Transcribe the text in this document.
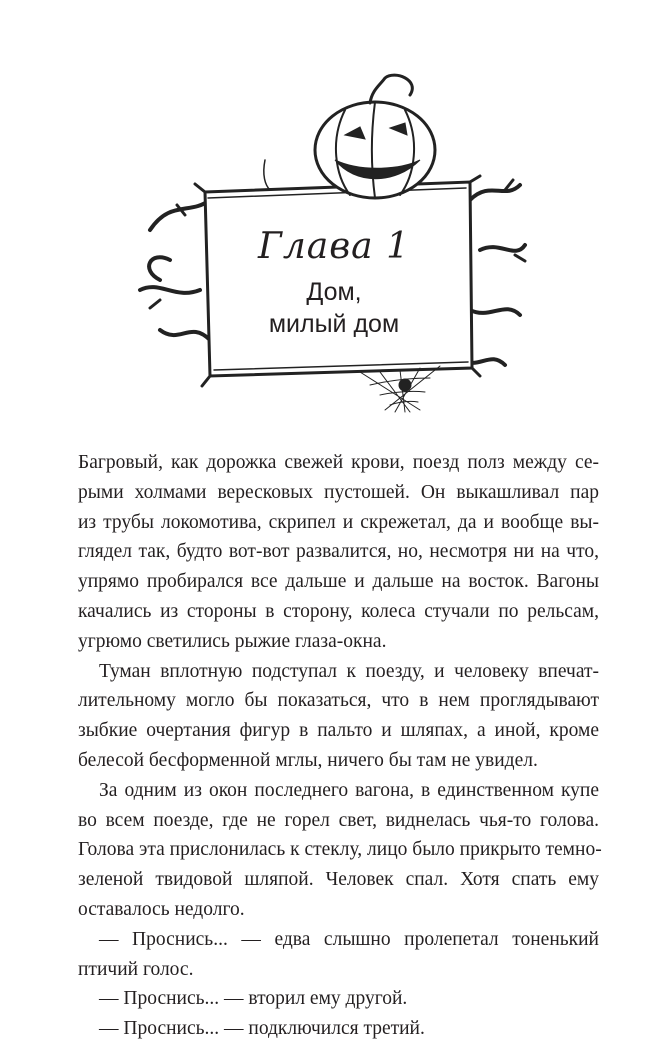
Глава 1
Дом,
милый дом
Багровый, как дорожка свежей крови, поезд полз между се-
рыми холмами вересковых пустошей. Он выкашливал пар
из трубы локомотива, скрипел и скрежетал, да и вообще вы-
глядел так, будто вот-вот развалится, но, несмотря ни на что,
упрямо пробирался все дальше и дальше на восток. Вагоны
качались из стороны в сторону, колеса стучали по рельсам,
угрюмо светились рыжие глаза-окна.
Туман вплотную подступал к поезду, и человеку впечат-
лительному могло бы показаться, что в нем проглядывают
зыбкие очертания фигур в пальто и шляпах, а иной, кроме
белесой бесформенной мглы, ничего бы там не увидел.
За одним из окон последнего вагона, в единственном купе
во всем поезде, где не горел свет, виднелась чья-то голова.
Голова эта прислонилась к стеклу, лицо было прикрыто темно-
зеленой твидовой шляпой. Человек спал. Хотя спать ему
оставалось недолго.
— Проснись... — едва слышно пролепетал тоненький
птичий голос.
— Проснись... — вторил ему другой.
— Проснись... — подключился третий.
